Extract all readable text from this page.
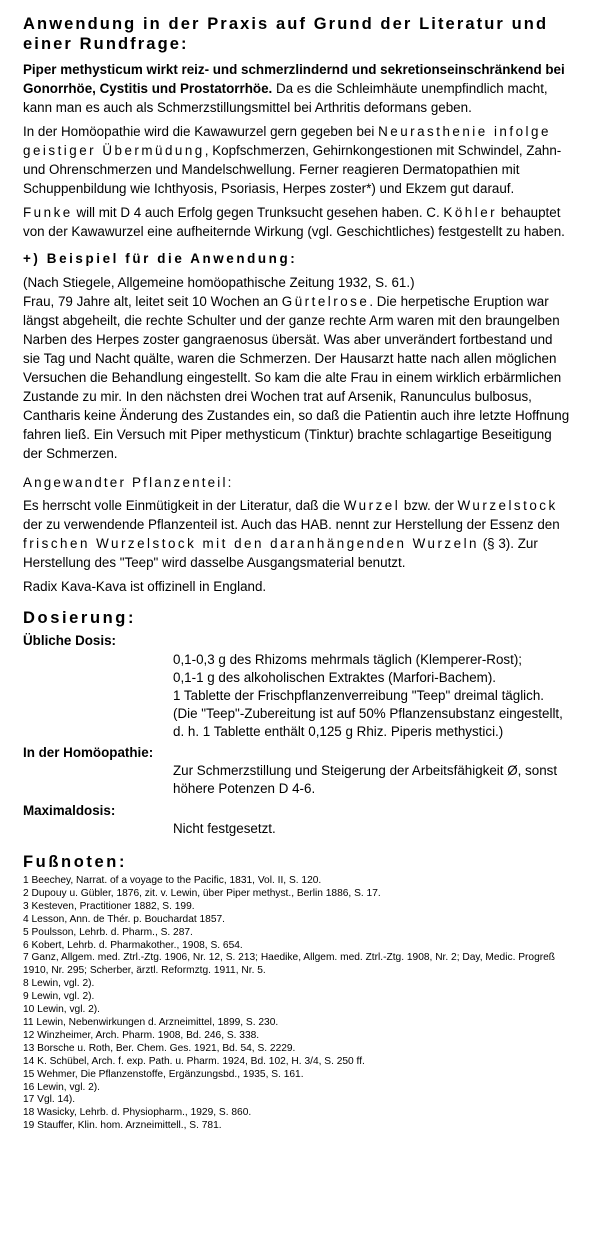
Anwendung in der Praxis auf Grund der Literatur und einer Rundfrage:

Piper methysticum wirkt reiz- und schmerzlindernd und sekretionseinschränkend bei Gonorrhöe, Cystitis und Prostatorrhöe. Da es die Schleimhäute unempfindlich macht, kann man es auch als Schmerzstillungsmittel bei Arthritis deformans geben.

In der Homöopathie wird die Kawawurzel gern gegeben bei Neurasthenie infolge geistiger Übermüdung, Kopfschmerzen, Gehirnkongestionen mit Schwindel, Zahn- und Ohrenschmerzen und Mandelschwellung. Ferner reagieren Dermatopathien mit Schuppenbildung wie Ichthyosis, Psoriasis, Herpes zoster*) und Ekzem gut darauf.

Funke will mit D 4 auch Erfolg gegen Trunksucht gesehen haben. C. Köhler behauptet von der Kawawurzel eine aufheiternde Wirkung (vgl. Geschichtliches) festgestellt zu haben.

+) Beispiel für die Anwendung:

(Nach Stiegele, Allgemeine homöopathische Zeitung 1932, S. 61.)

Frau, 79 Jahre alt, leitet seit 10 Wochen an Gürtelrose. Die herpetische Eruption war längst abgeheilt, die rechte Schulter und der ganze rechte Arm waren mit den braungelben Narben des Herpes zoster gangraenosus übersät. Was aber unverändert fortbestand und sie Tag und Nacht quälte, waren die Schmerzen. Der Hausarzt hatte nach allen möglichen Versuchen die Behandlung eingestellt. So kam die alte Frau in einem wirklich erbärmlichen Zustande zu mir. In den nächsten drei Wochen trat auf Arsenik, Ranunculus bulbosus, Cantharis keine Änderung des Zustandes ein, so daß die Patientin auch ihre letzte Hoffnung fahren ließ. Ein Versuch mit Piper methysticum (Tinktur) brachte schlagartige Beseitigung der Schmerzen.

Angewandter Pflanzenteil:

Es herrscht volle Einmütigkeit in der Literatur, daß die Wurzel bzw. der Wurzelstock der zu verwendende Pflanzenteil ist. Auch das HAB. nennt zur Herstellung der Essenz den frischen Wurzelstock mit den daranhängenden Wurzeln (§ 3). Zur Herstellung des "Teep" wird dasselbe Ausgangsmaterial benutzt.

Radix Kava-Kava ist offizinell in England.

Dosierung:

Übliche Dosis:

0,1-0,3 g des Rhizoms mehrmals täglich (Klemperer-Rost);

0,1-1 g des alkoholischen Extraktes (Marfori-Bachem).

1 Tablette der Frischpflanzenverreibung "Teep" dreimal täglich.

(Die "Teep"-Zubereitung ist auf 50% Pflanzensubstanz eingestellt, d. h. 1 Tablette enthält 0,125 g Rhiz. Piperis methystici.)

In der Homöopathie:

Zur Schmerzstillung und Steigerung der Arbeitsfähigkeit Ø, sonst höhere Potenzen D 4-6.

Maximaldosis:

Nicht festgesetzt.

Fußnoten:
1 Beechey, Narrat. of a voyage to the Pacific, 1831, Vol. II, S. 120.
2 Dupouy u. Gübler, 1876, zit. v. Lewin, über Piper methyst., Berlin 1886, S. 17.
3 Kesteven, Practitioner 1882, S. 199.
4 Lesson, Ann. de Thér. p. Bouchardat 1857.
5 Poulsson, Lehrb. d. Pharm., S. 287.
6 Kobert, Lehrb. d. Pharmakother., 1908, S. 654.
7 Ganz, Allgem. med. Ztrl.-Ztg. 1906, Nr. 12, S. 213; Haedike, Allgem. med. Ztrl.-Ztg. 1908, Nr. 2; Day, Medic. Progreß 1910, Nr. 295; Scherber, ärztl. Reformztg. 1911, Nr. 5.
8 Lewin, vgl. 2).
9 Lewin, vgl. 2).
10 Lewin, vgl. 2).
11 Lewin, Nebenwirkungen d. Arzneimittel, 1899, S. 230.
12 Winzheimer, Arch. Pharm. 1908, Bd. 246, S. 338.
13 Borsche u. Roth, Ber. Chem. Ges. 1921, Bd. 54, S. 2229.
14 K. Schübel, Arch. f. exp. Path. u. Pharm. 1924, Bd. 102, H. 3/4, S. 250 ff.
15 Wehmer, Die Pflanzenstoffe, Ergänzungsbd., 1935, S. 161.
16 Lewin, vgl. 2).
17 Vgl. 14).
18 Wasicky, Lehrb. d. Physiopharm., 1929, S. 860.
19 Stauffer, Klin. hom. Arzneimittell., S. 781.
